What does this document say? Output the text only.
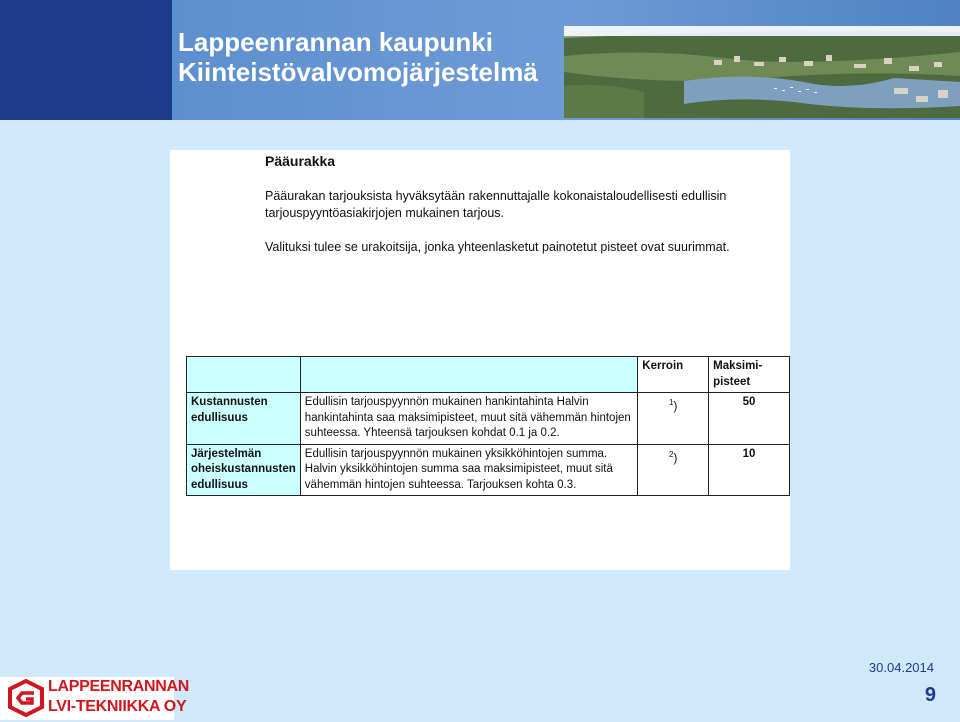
Lappeenrannan kaupunki
Kiinteistövalvomojärjestelmä
Pääurakka

Pääurakan tarjouksista hyväksytään rakennuttajalle kokonaistaloudellisesti edullisin tarjouspyyntöasiakirjojen mukainen tarjous.

Valituksi tulee se urakoitsija, jonka yhteenlasketut painotetut pisteet ovat suurimmat.

		Kerroin	Maksimi-pisteet
Kustannusten edullisuus	Edullisin tarjouspyynnön mukainen hankintahinta Halvin hankintahinta saa maksimipisteet, muut sitä vähemmän hintojen suhteessa. Yhteensä tarjouksen kohdat 0.1 ja 0.2.	$^1$)	50
Järjestelmän oheiskustannusten edullisuus	Edullisin tarjouspyynnön mukainen yksikköhintojen summa. Halvin yksikköhintojen summa saa maksimipisteet, muut sitä vähemmän hintojen suhteessa. Tarjouksen kohta 0.3.	$^2$)	10
30.04.2014
9
LAPPEENRANNAN
LVI-TEKNIIKKA OY
